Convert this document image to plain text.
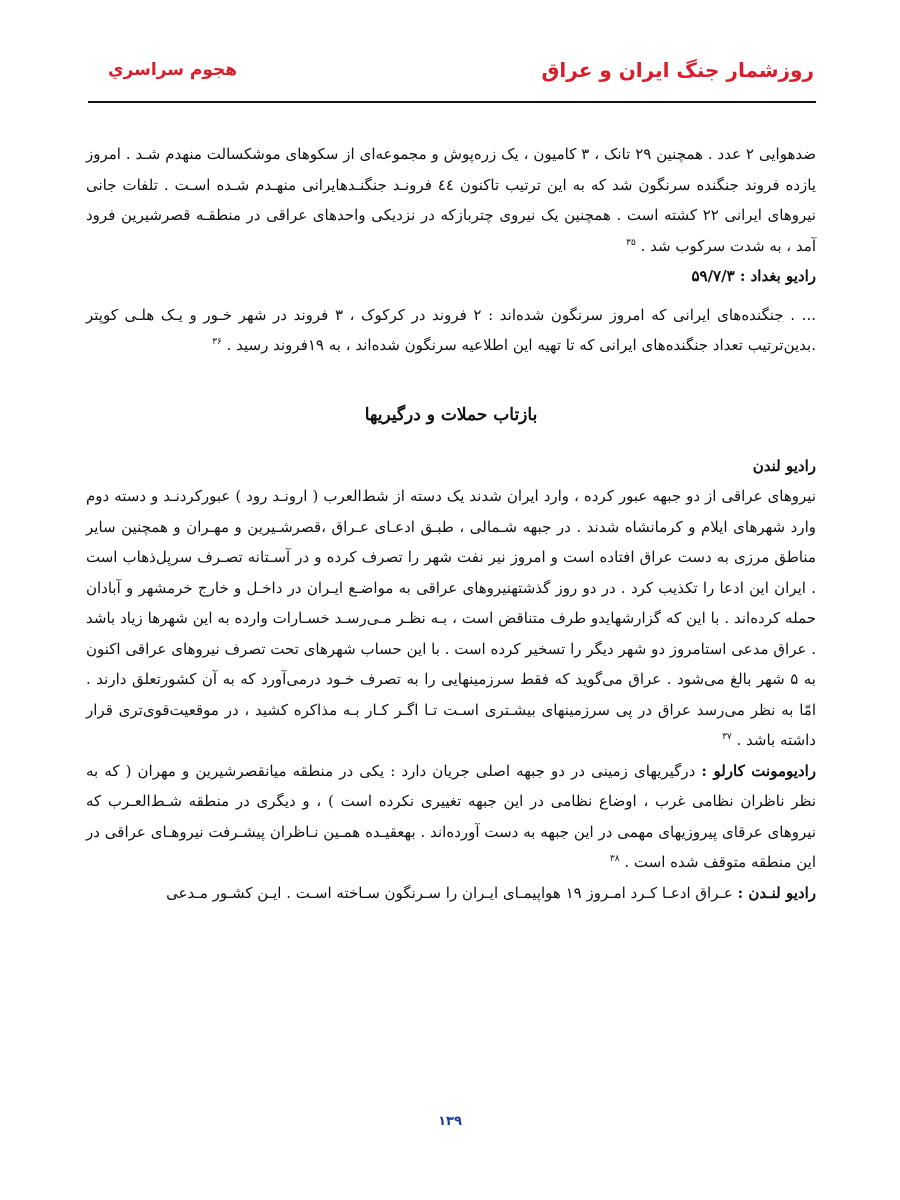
روزشمار جنگ ایران و عراق
هجوم سراسري

ضدهوایی ۲ عدد . همچنین ۲۹ تانک ، ۳ کامیون ، یک زره‌پوش و مجموعه‌ای از سکوهای موشکسالت منهدم شـد . امروز یازده فروند جنگنده سرنگون شد که به این ترتیب تاکنون ٤٤ فرونـد جنگنـدهایرانی منهـدم شـده اسـت . تلفات جانی نیروهای ایرانی ۲۲ کشته است . همچنین یک نیروی چتربازکه در نزدیکی واحدهای عراقی در منطقـه قصرشیرین فرود آمد ، به شدت سرکوب شد . $^{۳۵}$

رادیو بغداد : ۵۹/۷/۳

... . جنگنده‌های ایرانی که امروز سرنگون شده‌اند : ۲ فروند در کرکوک ، ۳ فروند در شهر خـور و یـک هلـی کوپتر .بدین‌ترتیب تعداد جنگنده‌های ایرانی که تا تهیه این اطلاعیه سرنگون شده‌اند ، به ۱۹فروند رسید . $^{۳۶}$

بازتاب حملات و درگیریها
رادیو لندن

نیروهای عراقی از دو جبهه عبور کرده ، وارد ایران شدند یک دسته از شط‌العرب ( ارونـد رود ) عبورکردنـد و دسته دوم وارد شهرهای ایلام و کرمانشاه شدند . در جبهه شـمالی ، طبـق ادعـای عـراق ،قصرشـیرین و مهـران و همچنین سایر مناطق مرزی به دست عراق افتاده است و امروز نیر نفت شهر را تصرف کرده و در آسـتانه تصـرف سرپل‌ذهاب است . ایران این ادعا را تکذیب کرد . در دو روز گذشتهنیروهای عراقی به مواضـع ایـران در داخـل و خارج خرمشهر و آبادان حمله کرده‌اند . با این که گزارشهایدو طرف متناقض است ، بـه نظـر مـی‌رسـد خسـارات وارده به این شهرها زیاد باشد . عراق مدعی استامروز دو شهر دیگر را تسخیر کرده است . با این حساب شهرهای تحت تصرف نیروهای عراقی اکنون به ۵ شهر بالغ می‌شود . عراق می‌گوید که فقط سرزمینهایی را به تصرف خـود درمی‌آورد که به آن کشورتعلق دارند . امّا به نظر می‌رسد عراق در پی سرزمینهای بیشـتری اسـت تـا اگـر کـار بـه مذاکره کشید ، در موقعیت‌قوی‌تری قرار داشته باشد . $^{۳۷}$

رادیومونت کارلو : درگیریهای زمینی در دو جبهه اصلی جریان دارد : یکی در منطقه میانقصرشیرین و مهران ( که به نظر ناظران نظامی غرب ، اوضاع نظامی در این جبهه تغییری نکرده است ) ، و دیگری در منطقه شـط‌العـرب که نیروهای عرقای پیروزیهای مهمی در این جبهه به دست آورده‌اند . بهعقیـده همـین نـاظران پیشـرفت نیروهـای عراقی در این منطقه متوقف شده است . $^{۳۸}$

رادیو لنـدن : عـراق ادعـا کـرد امـروز ۱۹ هواپیمـای ایـران را سـرنگون سـاخته اسـت . ایـن کشـور مـدعی

۱۳۹
